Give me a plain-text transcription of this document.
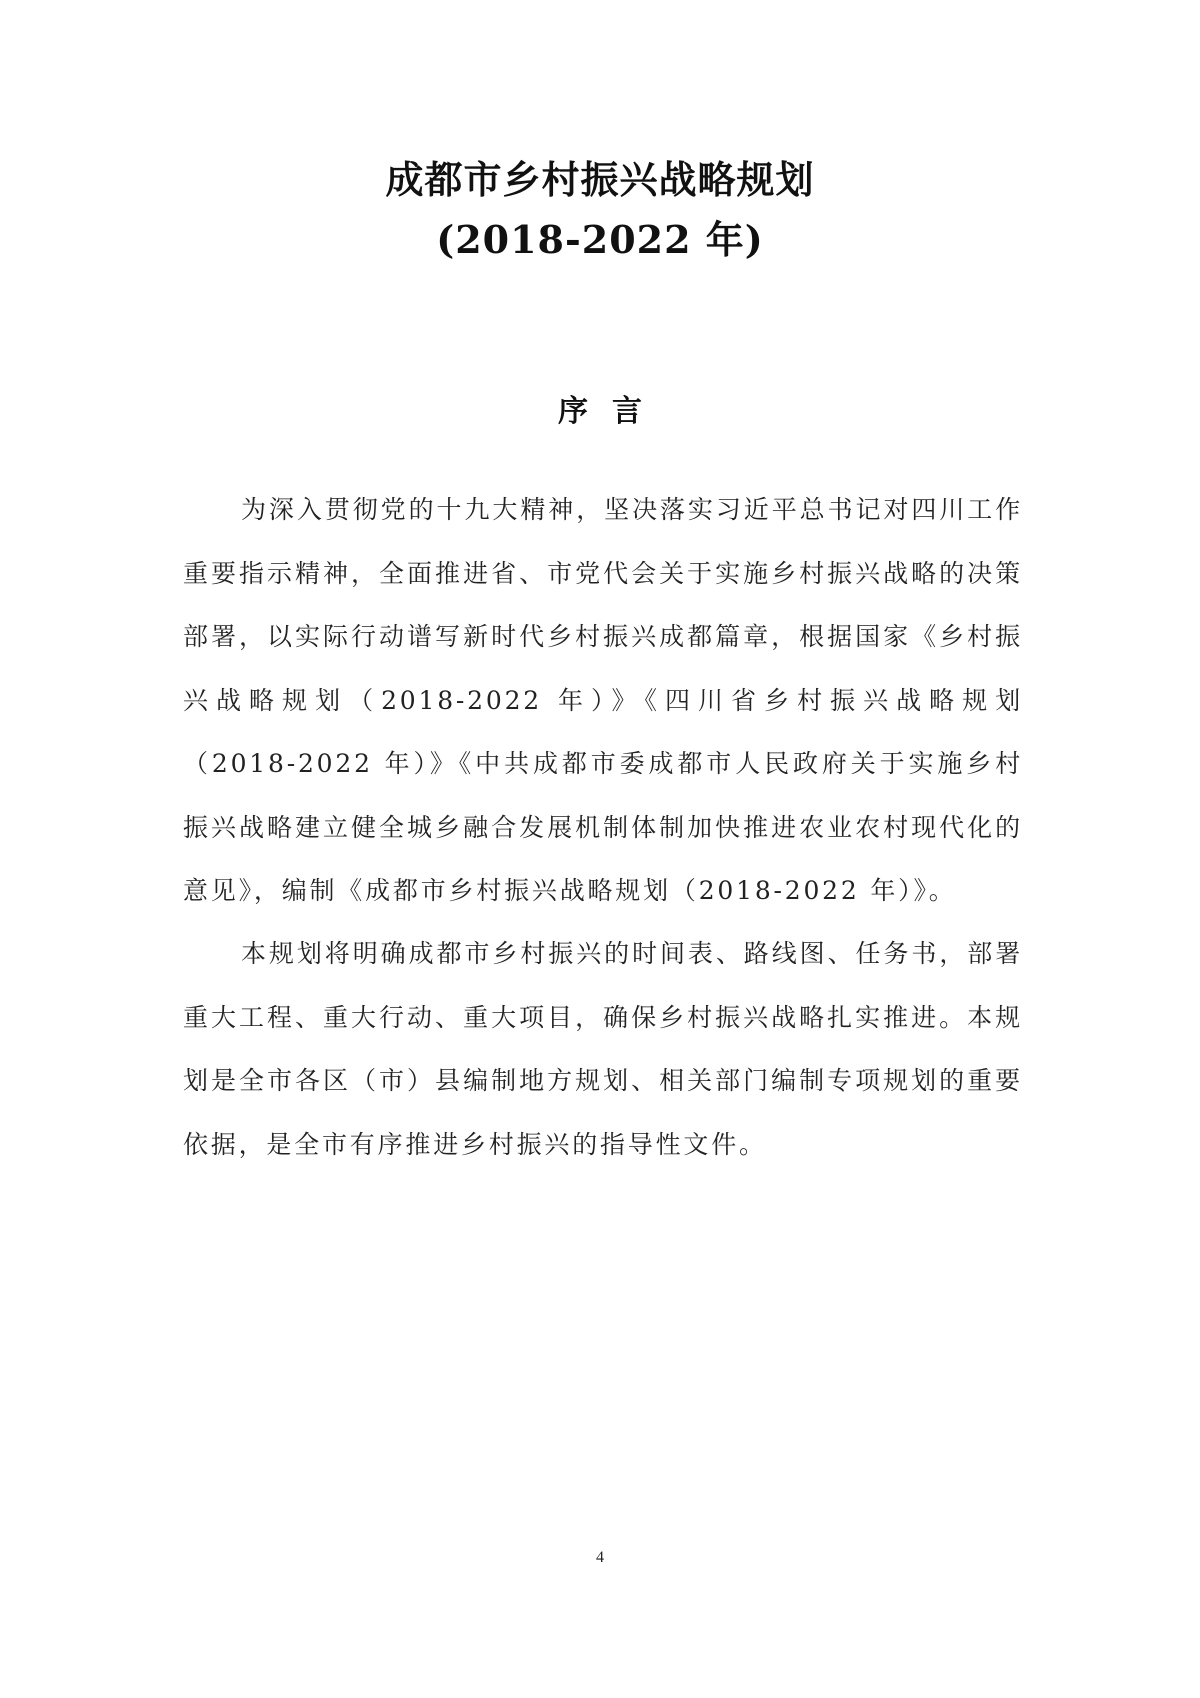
成都市乡村振兴战略规划
(2018-2022 年)
序言

为深入贯彻党的十九大精神，坚决落实习近平总书记对四川工作重要指示精神，全面推进省、市党代会关于实施乡村振兴战略的决策部署，以实际行动谱写新时代乡村振兴成都篇章，根据国家《乡村振兴战略规划（2018-2022 年）》《四川省乡村振兴战略规划（2018-2022 年）》《中共成都市委成都市人民政府关于实施乡村振兴战略建立健全城乡融合发展机制体制加快推进农业农村现代化的意见》，编制《成都市乡村振兴战略规划（2018-2022 年）》。

本规划将明确成都市乡村振兴的时间表、路线图、任务书，部署重大工程、重大行动、重大项目，确保乡村振兴战略扎实推进。本规划是全市各区（市）县编制地方规划、相关部门编制专项规划的重要依据，是全市有序推进乡村振兴的指导性文件。

4
